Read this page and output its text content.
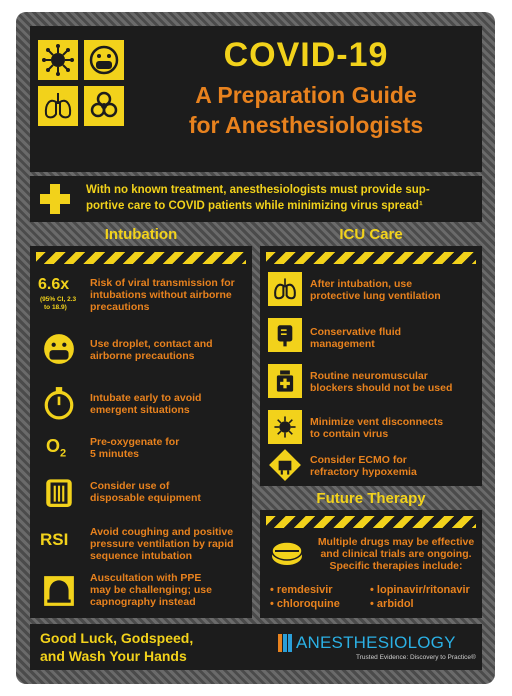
COVID-19
A Preparation Guide
for Anesthesiologists
With no known treatment, anesthesiologists must provide sup-
portive care to COVID patients while minimizing virus spread¹
Intubation
6.6x
(95% CI, 2.3
to 18.9)
Risk of viral transmission for
intubations without airborne
precautions
Use droplet, contact and
airborne precautions
Intubate early to avoid
emergent situations
$O_2$
Pre-oxygenate for
5 minutes
Consider use of
disposable equipment
RSI Avoid coughing and positive
pressure ventilation by rapid
sequence intubation
Auscultation with PPE
may be challenging; use
capnography instead
ICU Care
After intubation, use
protective lung ventilation
Conservative fluid
management
Routine neuromuscular
blockers should not be used
Minimize vent disconnects
to contain virus
Consider ECMO for
refractory hypoxemia
Future Therapy
Multiple drugs may be effective
and clinical trials are ongoing.
Specific therapies include:
• remdesivir	• lopinavir/ritonavir
• chloroquine	• arbidol
Good Luck, Godspeed,
and Wash Your Hands
ANESTHESIOLOGY
Trusted Evidence: Discovery to Practice®
